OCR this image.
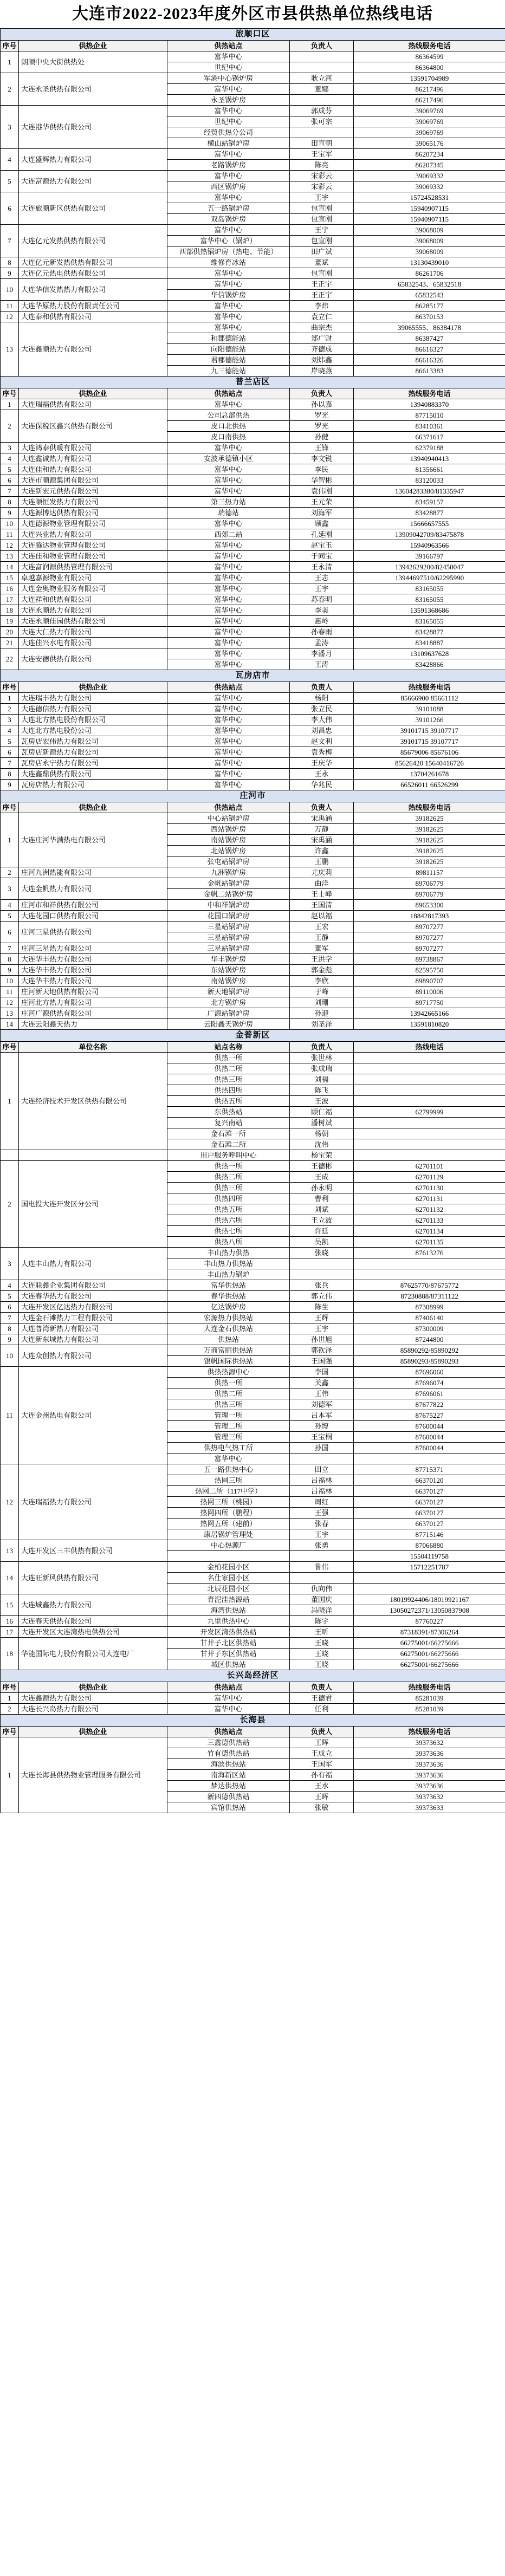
大连市2022-2023年度外区市县供热单位热线电话
旅顺口区				
序号	供热企业	供热站点	负责人	热线服务电话
1	朗顺中央大街供热处	富华中心		86364599
		世纪中心		86364800
2	大连永圣供热有限公司	军港中心锅炉房	耿立河	13591704989
		富华中心	董娜	86217496
		永圣锅炉房		86217496
3	大连港华供热有限公司	富华中心	郭成芬	39069769
		世纪中心	张可宗	39069769
		经贸供热分公司		39069769
		横山站锅炉房	田宣朝	39065176
4	大连盛辉热力有限公司	富华中心	王宝军	86207234
		老路锅炉房	陈亮	86207345
5	大连富源热力有限公司	富华中心	宋彩云	39069332
		西区锅炉房	宋彩云	39069332
6	大连旅顺新区供热有限公司	富华中心	王宇	15724528531
		五一路锅炉房	包宣刚	15940907115
		双岛锅炉房	包宣刚	15940907115
7	大连亿元发热供热有限公司	富华中心	王宇	39068009
		富华中心（锅炉）	包宣刚	39068009
		西部供热锅炉房（热电、节能）	田广斌	39068009
8	大连亿元新发热供热有限公司	维修育冰站	董斌	13130439010
9	大连亿元热电供热有限公司	富华中心	包宣刚	86261706
10	大连华信发热热力有限公司	富华中心	王正宇	65832543、65832518
		华信锅炉房	王正宇	65832543
11	大连华原热力股份有限责任公司	富华中心	李炜	86285177
12	大连泰和供热有限公司	富华中心	袁立仁	86370153
13	大连鑫顺热力有限公司	富华中心	曲宗杰	39065555、86384178
		和郡德能站	郑广财	86387427
		向阳德能站	齐德成	86616327
		君郡德能站	刘炜鑫	86616326
		九三德能站	岸晓燕	86613383
普兰店区				
序号	供热企业	供热站点	负责人	热线服务电话
1	大连瑞福供热有限公司	富华中心	孙以嘉	13940883370
2	大连保税区鑫兴供热有限公司	公司总部供热	罗光	87715010
		皮口北供热	罗光	83410361
		皮口南供热	孙健	66371617
3	大连鸿泰供暖有限公司	富华中心	王锋	62379188
4	大连鑫诚热力有限公司	安波承德镇小区	李文锐	13940940413
5	大连佳和热力有限公司	富华中心	李民	81356661
6	大连市顺源集团有限公司	富华中心	华智彬	83120033
7	大连新宏元供热有限公司	富华中心	袁伟刚	13604283380/81335947
8	大连顺恒发热力有限公司	第三热力站	王元荣	83459157
9	大连源博达供热有限公司	瑞德站	刘海军	83428877
10	大连德源物业管理有限公司	富华中心	顾鑫	15666657555
11	大连兴业热力有限公司	西郊二站	孔延刚	13909042709/83475878
12	大连腾达物业管理有限公司	富华中心	赵宝玉	15940963566
13	大连佳和物业管理有限公司	富华中心	于同宝	39166797
14	大连富润源供热管理有限公司	富华中心	王永清	13942629200/82450047
15	卓越嘉源物业有限公司	富华中心	王志	13944697510/62295990
16	大连金奥物业服务有限公司	富华中心	王宇	83165055
17	大连祥和供热有限公司	富华中心	苏春明	83165055
18	大连永顺热力有限公司	富华中心	李美	13591368686
19	大连永顺佳园供热有限公司	富华中心	惠岭	83165055
20	大连大仁热力有限公司	富华中心	孙春雨	83428877
21	大连佳兴水电有限公司	富华中心	孟涛	83418887
22	大连安德供热有限公司	富华中心	李潘月	13109637628
		富华中心	王涛	83428866
瓦房店市				
序号	供热企业	供热站点	负责人	热线服务电话
1	大连瑞丰热力有限公司	富华中心	杨阳	85666900 85661112
2	大连德信热力有限公司	富华中心	张立民	39101088
3	大连北方热电股份有限公司	富华中心	李大伟	39101266
4	大连北方热电股份公司	富华中心	刘昌忠	39101715 39107717
5	瓦房店宏伟热力有限公司	富华中心	赵文利	39101715 39107717
6	瓦房店新源热力有限公司	富华中心	袁秀梅	85679006 85676106
7	瓦房店永宁热力有限公司	富华中心	王庆华	85626420 15640416726
8	大连鑫鼎供热有限公司	富华中心	王永	13704261678
9	瓦房店热力有限公司	富华中心	华兆民	66526011 66526299
庄河市				
序号	供热企业	供热站点	负责人	热线服务电话
1	大连庄河华满热电有限公司	中心站锅炉房	宋禹涵	39182625
		西站锅炉房	万静	39182625
		南站锅炉房	宋禹涵	39182625
		北站锅炉房	许鑫	39182625
		张屯站锅炉房	王鹏	39182625
2	庄河九洲热能有限公司	九洲锅炉房	尤庆莉	89811157
3	大连金帆热力有限公司	金帆站锅炉房	曲洋	89706779
		金帆二站锅炉房	王士峰	89706779
4	庄河市和祥供热有限公司	中和祥锅炉房	王国清	89653300
5	大连花园口供热有限公司	花园口锅炉房	赵以福	18842817393
6	庄河三星供热有限公司	三星站锅炉房	王宏	89707277
		三星站锅炉房	王静	89707277
7	庄河三星热力有限公司	三星站锅炉房	董军	89707277
8	大连华丰热力有限公司	华丰锅炉房	王洪学	89738867
9	大连华丰热力有限公司	东站锅炉房	郭金彪	82595750
10	大连华丰热力有限公司	南站锅炉房	李欣	89890707
11	庄河新天地供热有限公司	新天地锅炉房	于峰	89110006
12	庄河北方热力有限公司	北方锅炉房	刘珊	89717750
13	庄河广源供热有限公司	广源站锅炉房	孙迎	13942665166
14	大连云阳鑫天热力	云阳鑫天锅炉房	刘圣泽	13591810820
金普新区				
序号	单位名称	站点名称	负责人	热线电话
1	大连经济技术开发区供热有限公司	供热一所	张世林	
		供热二所	张成瑞	
		供热三所	刘福	
		供热四所	陈飞	
		供热五所	王波	
		东供热站	顾仁福	62799999
		复兴南站	潘树斌	
		金石滩一所	杨朝	
		金石滩二所	沈伟	
		用户服务呼叫中心	杨宝荣	
2	国电投大连开发区分公司	供热一所	王德彬	62701101
		供热二所	王成	62701129
		供热三所	孙永明	62701130
		供热四所	曹利	62701131
		供热五所	刘斌	62701132
		供热六所	王立波	62701133
		供热七所	许廷	62701134
		供热八所	吴凯	62701135
3	大连丰山热力有限公司	丰山热力供热	张晓	87613276
		丰山热力供热站		
		丰山热力锅炉		
4	大连联鑫企业集团有限公司	富华供热站	张兵	87625770/87675772
5	大连春华热力有限公司	春华供热站	郭立伟	87230888/87311122
6	大连开发区亿达热力有限公司	亿达锅炉房	陈生	87308999
7	大连金石滩热力工程有限公司	宏源热力供热站	王辉	87406140
8	大连普湾新热力有限公司	大连金石供热站	王宇	87300009
9	大连新东城热力有限公司	供热站	孙世旭	87244800
10	大连众创热力有限公司	万商富丽供热站	郭钦泽	85890292/85890292
		银帆国际供热站	王国强	85890293/85890293
11	大连金州热电有限公司	供热热源中心	李国	87696060
		供热一所	关鑫	87696074
		供热二所	王伟	87696061
		供热三所	刘德军	87677822
		管理一所	吕本军	87675227
		管理二所	孙博	87600044
		管理三所	王宝桐	87600044
		供热电气热工所	孙国	87600044
		富华中心		
12	大连瑞福热力有限公司	五一路供热中心	田立	87715371
		热网三所	吕福林	66370120
		热网二所（117中学）	吕福林	66370127
		热网三所（桃园）	周红	66370127
		热网四所（鹏程）	王强	66370127
		热网五所（建前）	张春	66370127
		康居锅炉管理处	王宇	87715146
13	大连开发区三丰供热有限公司	中心热源厂	张勇	87066880
				15504119758
14	大连旺新风供热有限公司	金柏花园小区	鲁伟	15712251787
		名仕家园小区		
		北辰花园小区	仇向伟	
15	大连城鑫热力有限公司	青泥洼热源站	董国庆	18019924406/18019921167
		海湾供热站	冯晓洋	13050272371/13050837908
16	大连春天供热有限公司	九里供热中心	陈宇	87760227
17	大连开发区大连湾热电供热公司	开发区湾热供热站	王昕	87318391/87306264
18	华能国际电力股份有限公司大连电厂	甘井子北区供热站	王晓	66275001/66275666
		甘井子东区供热站	王晓	66275001/66275666
		城区供热站	王晓	66275001/66275666
长兴岛经济区				
序号	供热企业	供热站点	负责人	热线服务电话
1	大连鑫源热力有限公司	富华中心	王德君	85281039
2	大连长兴岛热力有限公司	富华中心	任利	85281039
长海县				
序号	供热企业	供热站点	负责人	热线服务电话
1	大连长海县供热物业管理服务有限公司	三鑫德供热站	王晖	39373632
		竹有德供热站	王成立	39373636
		海滨供热站	王国军	39373636
		南海新区站	孙有福	39373636
		梦达供热站	王水	39373636
		新四德供热站	王晖	39373632
		宾馆供热站	张敏	39373633
